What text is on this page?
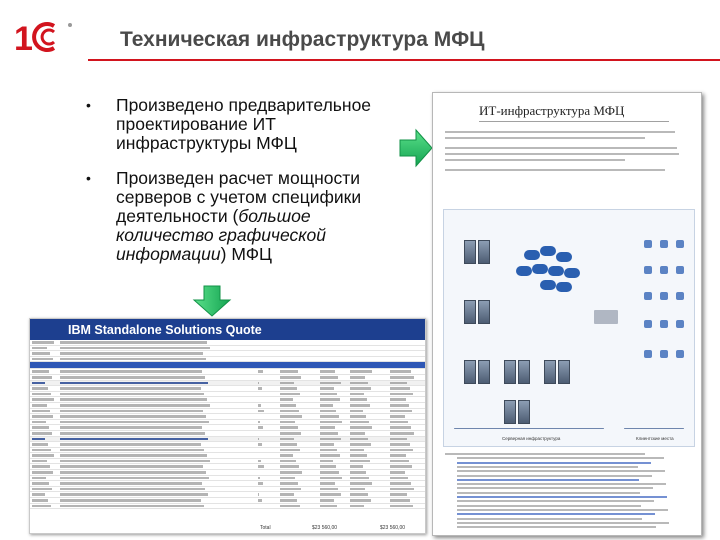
1	Техническая инфраструктура МФЦ
• Произведено предварительное проектирование ИТ инфраструктуры МФЦ
• Произведен расчет мощности серверов с учетом специфики деятельности (большое количество графической информации) МФЦ
IBM Standalone Solutions Quote
Total	$23 560,00	$23 560,00
ИТ-инфраструктура МФЦ
Серверная инфраструктура	Клиентские места
